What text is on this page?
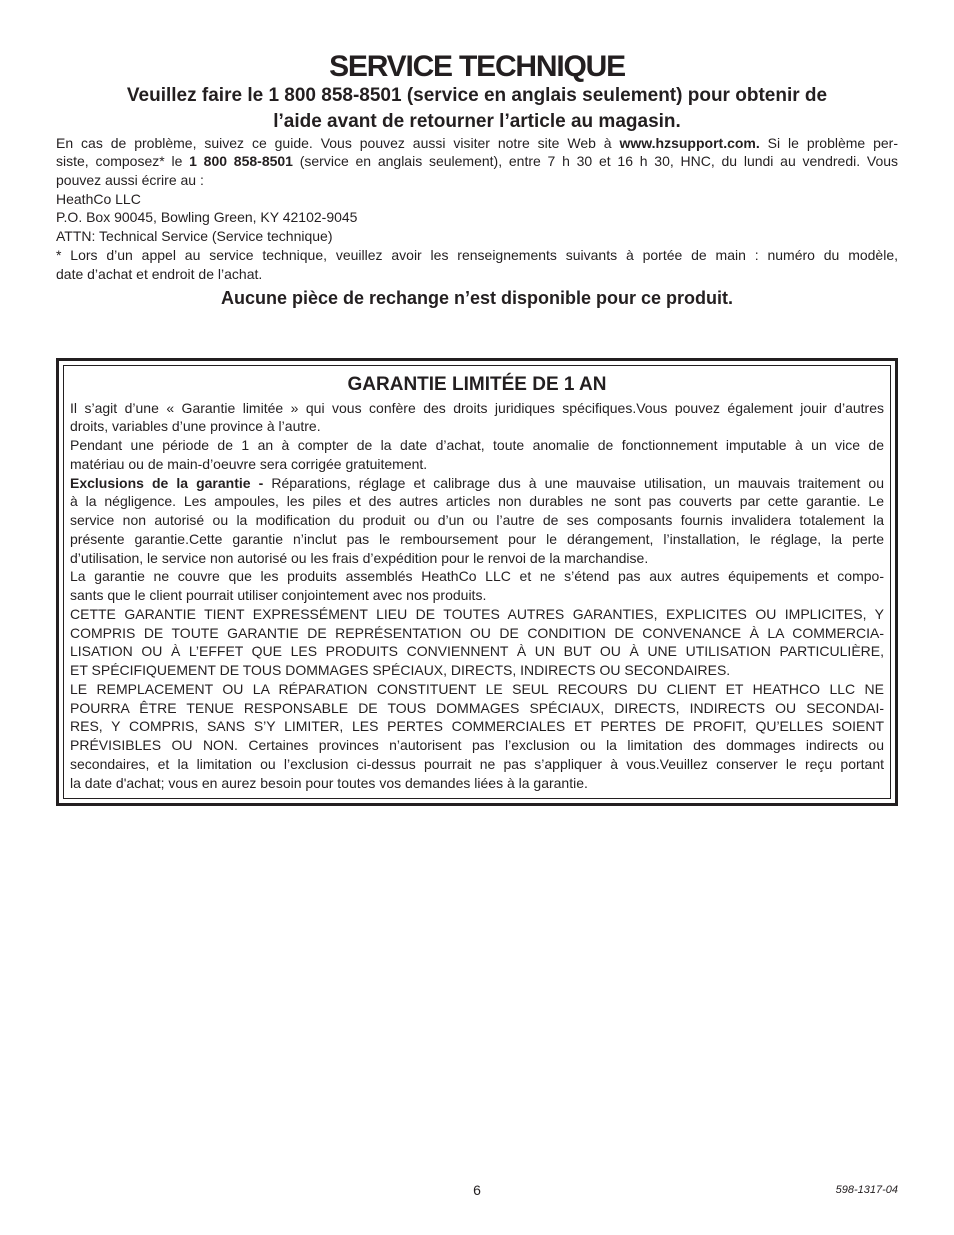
SERVICE TECHNIQUE
Veuillez faire le 1 800 858-8501 (service en anglais seulement) pour obtenir de
l’aide avant de retourner l’article au magasin.
En cas de problème, suivez ce guide. Vous pouvez aussi visiter notre site Web à www.hzsupport.com. Si le problème per-
siste, composez* le 1 800 858-8501 (service en anglais seulement), entre 7 h 30 et 16 h 30, HNC, du lundi au vendredi. Vous
pouvez aussi écrire au :
HeathCo LLC
P.O. Box 90045, Bowling Green, KY 42102-9045
ATTN: Technical Service (Service technique)
* Lors d’un appel au service technique, veuillez avoir les renseignements suivants à portée de main : numéro du modèle,
date d’achat et endroit de l’achat.
Aucune pièce de rechange n’est disponible pour ce produit.
GARANTIE LIMITÉE DE 1 AN
Il s’agit d’une « Garantie limitée » qui vous confère des droits juridiques spécifiques.Vous pouvez également jouir d’autres
droits, variables d’une province à l’autre.
Pendant une période de 1 an à compter de la date d’achat, toute anomalie de fonctionnement imputable à un vice de
matériau ou de main-d’oeuvre sera corrigée gratuitement.
Exclusions de la garantie - Réparations, réglage et calibrage dus à une mauvaise utilisation, un mauvais traitement ou
à la négligence. Les ampoules, les piles et des autres articles non durables ne sont pas couverts par cette garantie. Le
service non autorisé ou la modification du produit ou d’un ou l’autre de ses composants fournis invalidera totalement la
présente garantie.Cette garantie n’inclut pas le remboursement pour le dérangement, l’installation, le réglage, la perte
d’utilisation, le service non autorisé ou les frais d’expédition pour le renvoi de la marchandise.
La garantie ne couvre que les produits assemblés HeathCo LLC et ne s’étend pas aux autres équipements et compo-
sants que le client pourrait utiliser conjointement avec nos produits.
CETTE GARANTIE TIENT EXPRESSÉMENT LIEU DE TOUTES AUTRES GARANTIES, EXPLICITES OU IMPLICITES, Y
COMPRIS DE TOUTE GARANTIE DE REPRÉSENTATION OU DE CONDITION DE CONVENANCE À LA COMMERCIA-
LISATION OU À L’EFFET QUE LES PRODUITS CONVIENNENT À UN BUT OU À UNE UTILISATION PARTICULIÈRE,
ET SPÉCIFIQUEMENT DE TOUS DOMMAGES SPÉCIAUX, DIRECTS, INDIRECTS OU SECONDAIRES.
LE REMPLACEMENT OU LA RÉPARATION CONSTITUENT LE SEUL RECOURS DU CLIENT ET HEATHCO LLC NE
POURRA ÊTRE TENUE RESPONSABLE DE TOUS DOMMAGES SPÉCIAUX, DIRECTS, INDIRECTS OU SECONDAI-
RES, Y COMPRIS, SANS S’Y LIMITER, LES PERTES COMMERCIALES ET PERTES DE PROFIT, QU’ELLES SOIENT
PRÉVISIBLES OU NON. Certaines provinces n’autorisent pas l’exclusion ou la limitation des dommages indirects ou
secondaires, et la limitation ou l’exclusion ci-dessus pourrait ne pas s’appliquer à vous.Veuillez conserver le reçu portant
la date d'achat; vous en aurez besoin pour toutes vos demandes liées à la garantie.
6	598-1317-04
